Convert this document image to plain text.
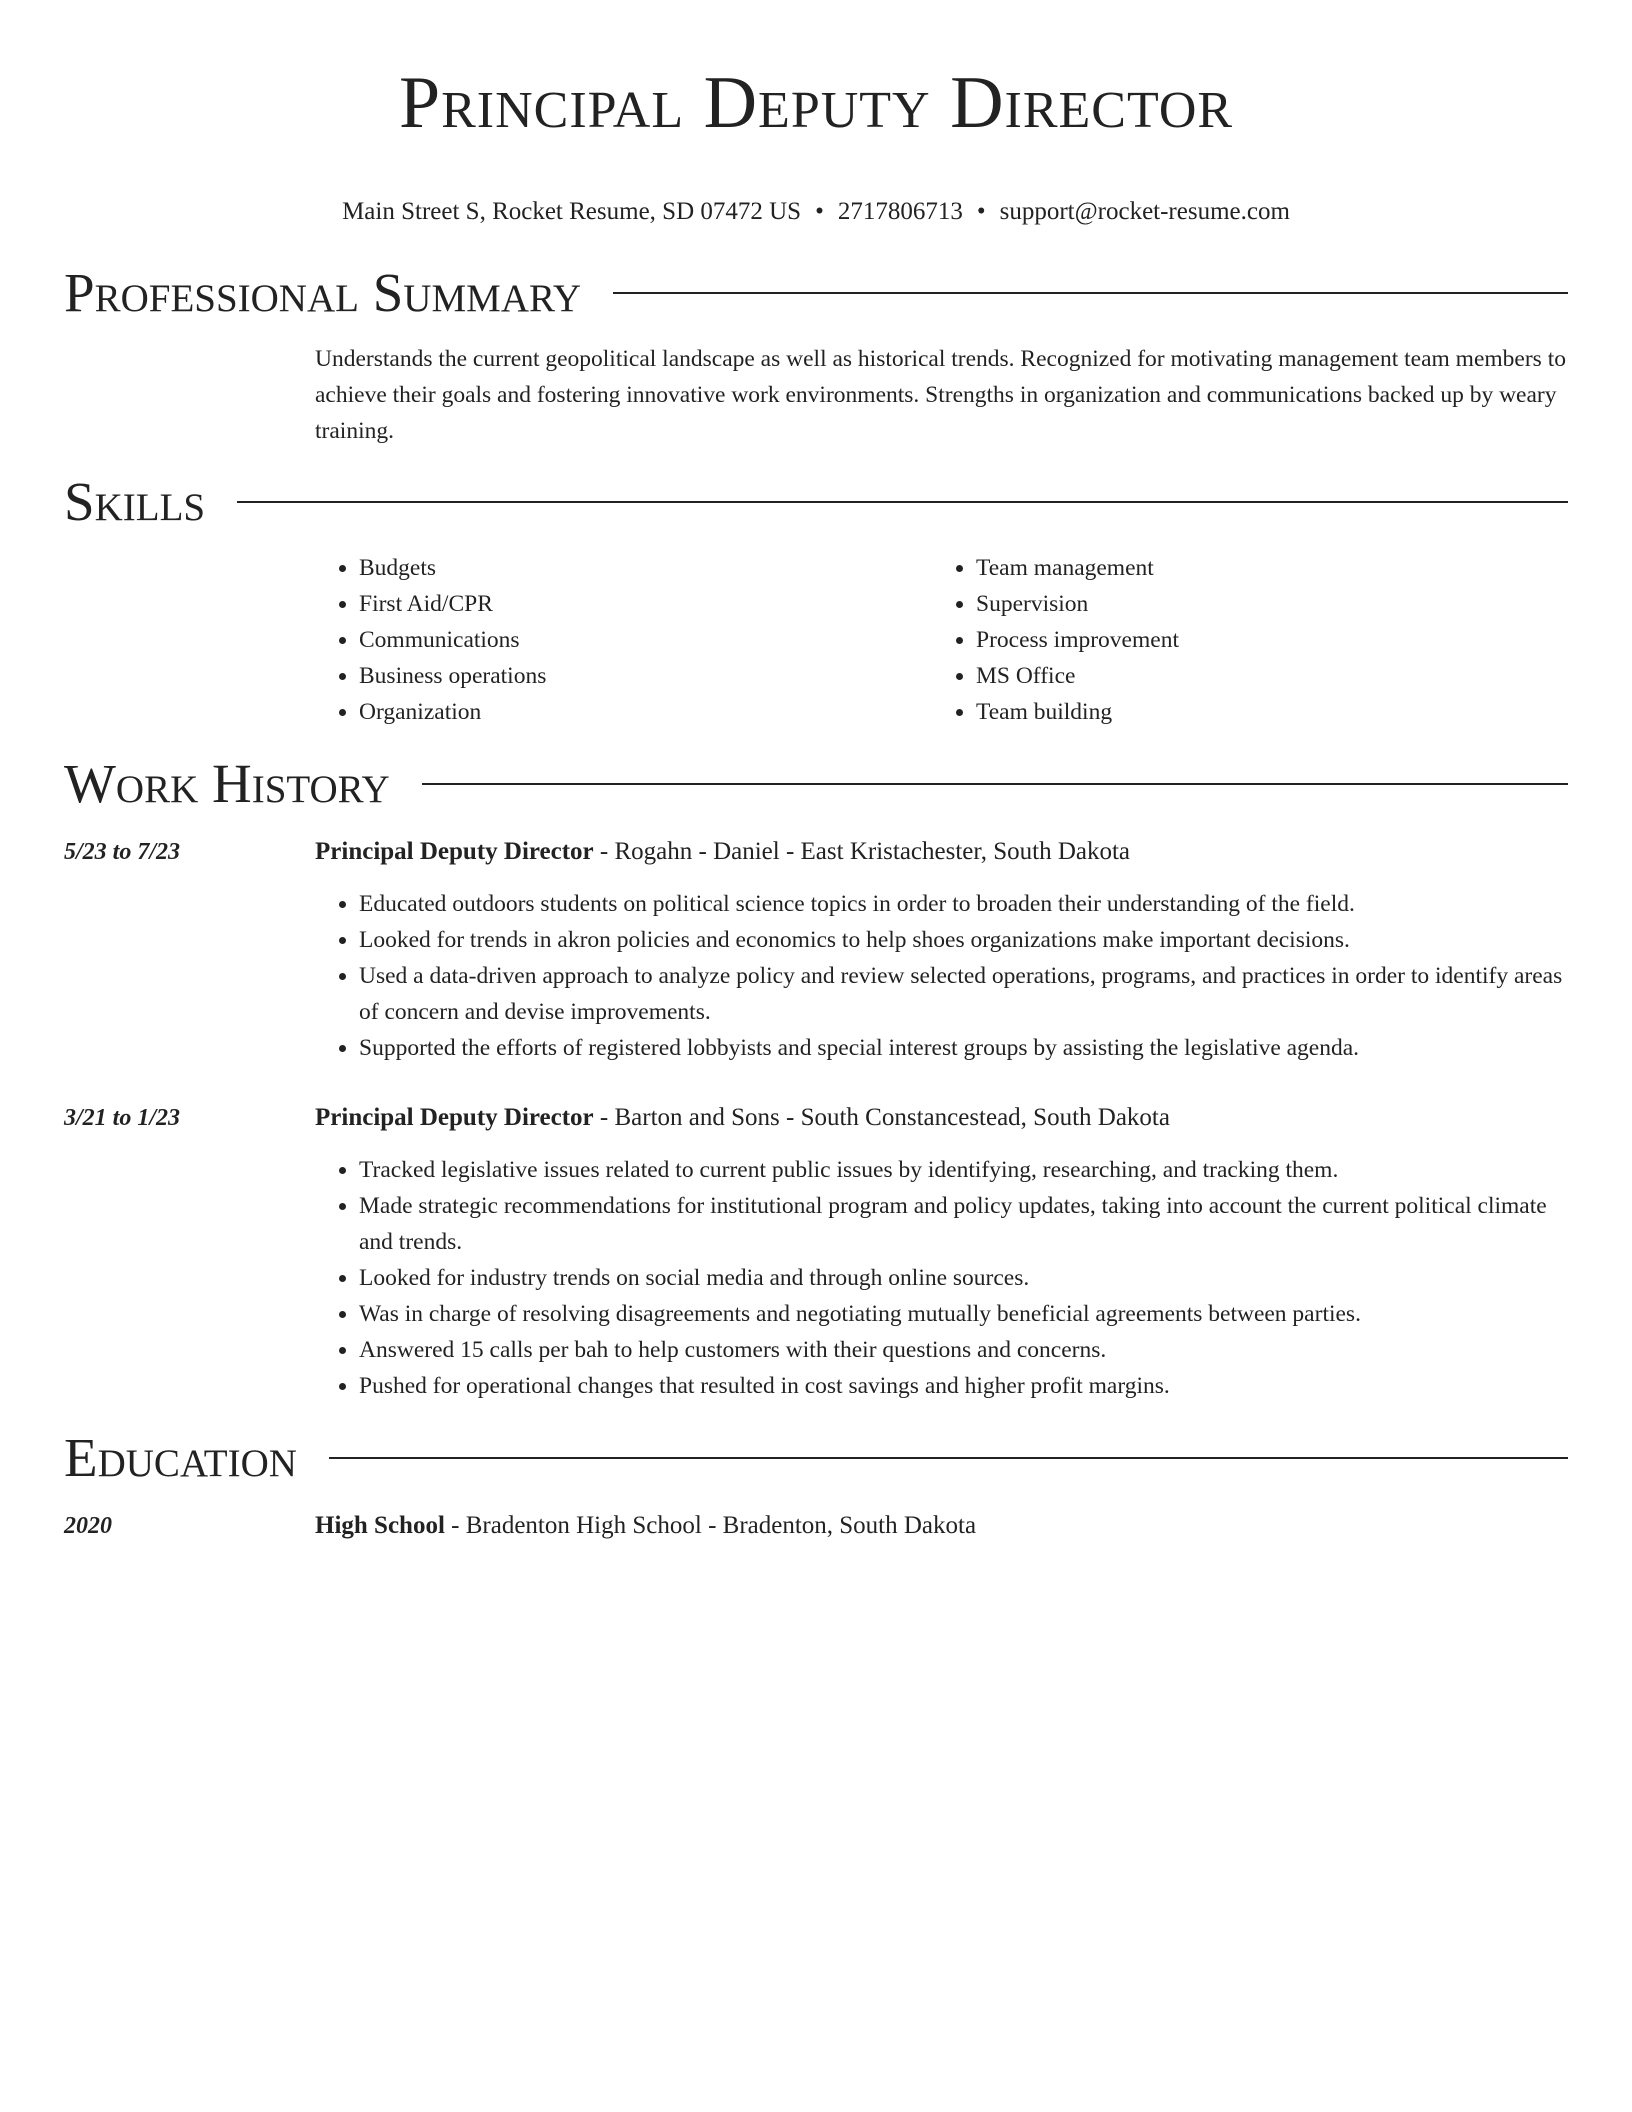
Principal Deputy Director
Main Street S, Rocket Resume, SD 07472 US • 2717806713 • support@rocket-resume.com
Professional Summary

Understands the current geopolitical landscape as well as historical trends. Recognized for motivating management team members to achieve their goals and fostering innovative work environments. Strengths in organization and communications backed up by weary training.

Skills
• Budgets
• First Aid/CPR
• Communications
• Business operations
• Organization
• Team management
• Supervision
• Process improvement
• MS Office
• Team building
Work History
5/23 to 7/23	Principal Deputy Director - Rogahn - Daniel - East Kristachester, South Dakota
• Educated outdoors students on political science topics in order to broaden their understanding of the field.
• Looked for trends in akron policies and economics to help shoes organizations make important decisions.
• Used a data-driven approach to analyze policy and review selected operations, programs, and practices in order to identify areas of concern and devise improvements.
• Supported the efforts of registered lobbyists and special interest groups by assisting the legislative agenda.
3/21 to 1/23	Principal Deputy Director - Barton and Sons - South Constancestead, South Dakota
• Tracked legislative issues related to current public issues by identifying, researching, and tracking them.
• Made strategic recommendations for institutional program and policy updates, taking into account the current political climate and trends.
• Looked for industry trends on social media and through online sources.
• Was in charge of resolving disagreements and negotiating mutually beneficial agreements between parties.
• Answered 15 calls per bah to help customers with their questions and concerns.
• Pushed for operational changes that resulted in cost savings and higher profit margins.
Education
2020	High School - Bradenton High School - Bradenton, South Dakota
